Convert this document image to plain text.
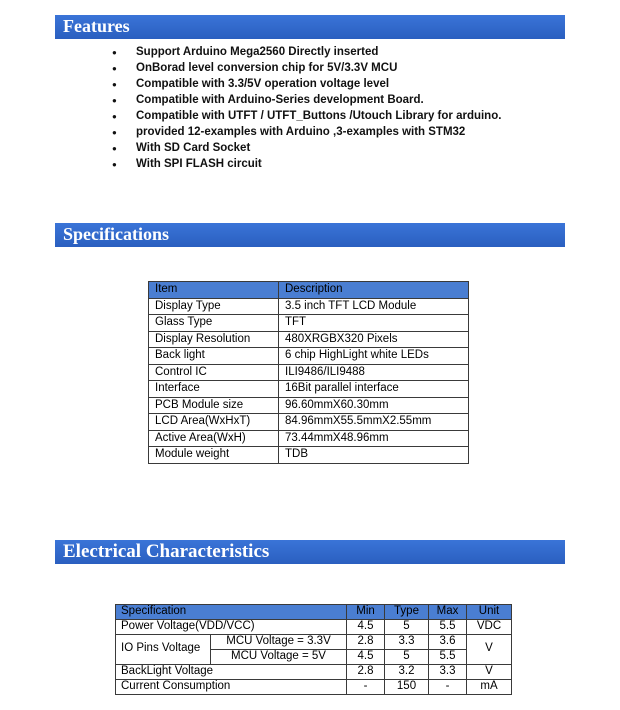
Features
●	Support Arduino Mega2560 Directly inserted
●	OnBorad level conversion chip for 5V/3.3V MCU
●	Compatible with 3.3/5V operation voltage level
●	Compatible with Arduino-Series development Board.
●	Compatible with UTFT / UTFT_Buttons /Utouch Library for arduino.
●	provided 12-examples with Arduino ,3-examples with STM32
●	With SD Card Socket
●	With SPI FLASH circuit
Specifications
Item	Description
Display Type	3.5 inch TFT LCD Module
Glass Type	TFT
Display Resolution	480XRGBX320 Pixels
Back light	6 chip HighLight white LEDs
Control IC	ILI9486/ILI9488
Interface	16Bit parallel interface
PCB Module size	96.60mmX60.30mm
LCD Area(WxHxT)	84.96mmX55.5mmX2.55mm
Active Area(WxH)	73.44mmX48.96mm
Module weight	TDB
Electrical Characteristics
Specification		Min	Type	Max	Unit
Power Voltage(VDD/VCC)		4.5	5	5.5	VDC
IO Pins Voltage	MCU Voltage = 3.3V	2.8	3.3	3.6	V
	MCU Voltage = 5V	4.5	5	5.5	
BackLight Voltage		2.8	3.2	3.3	V
Current Consumption		-	150	-	mA
